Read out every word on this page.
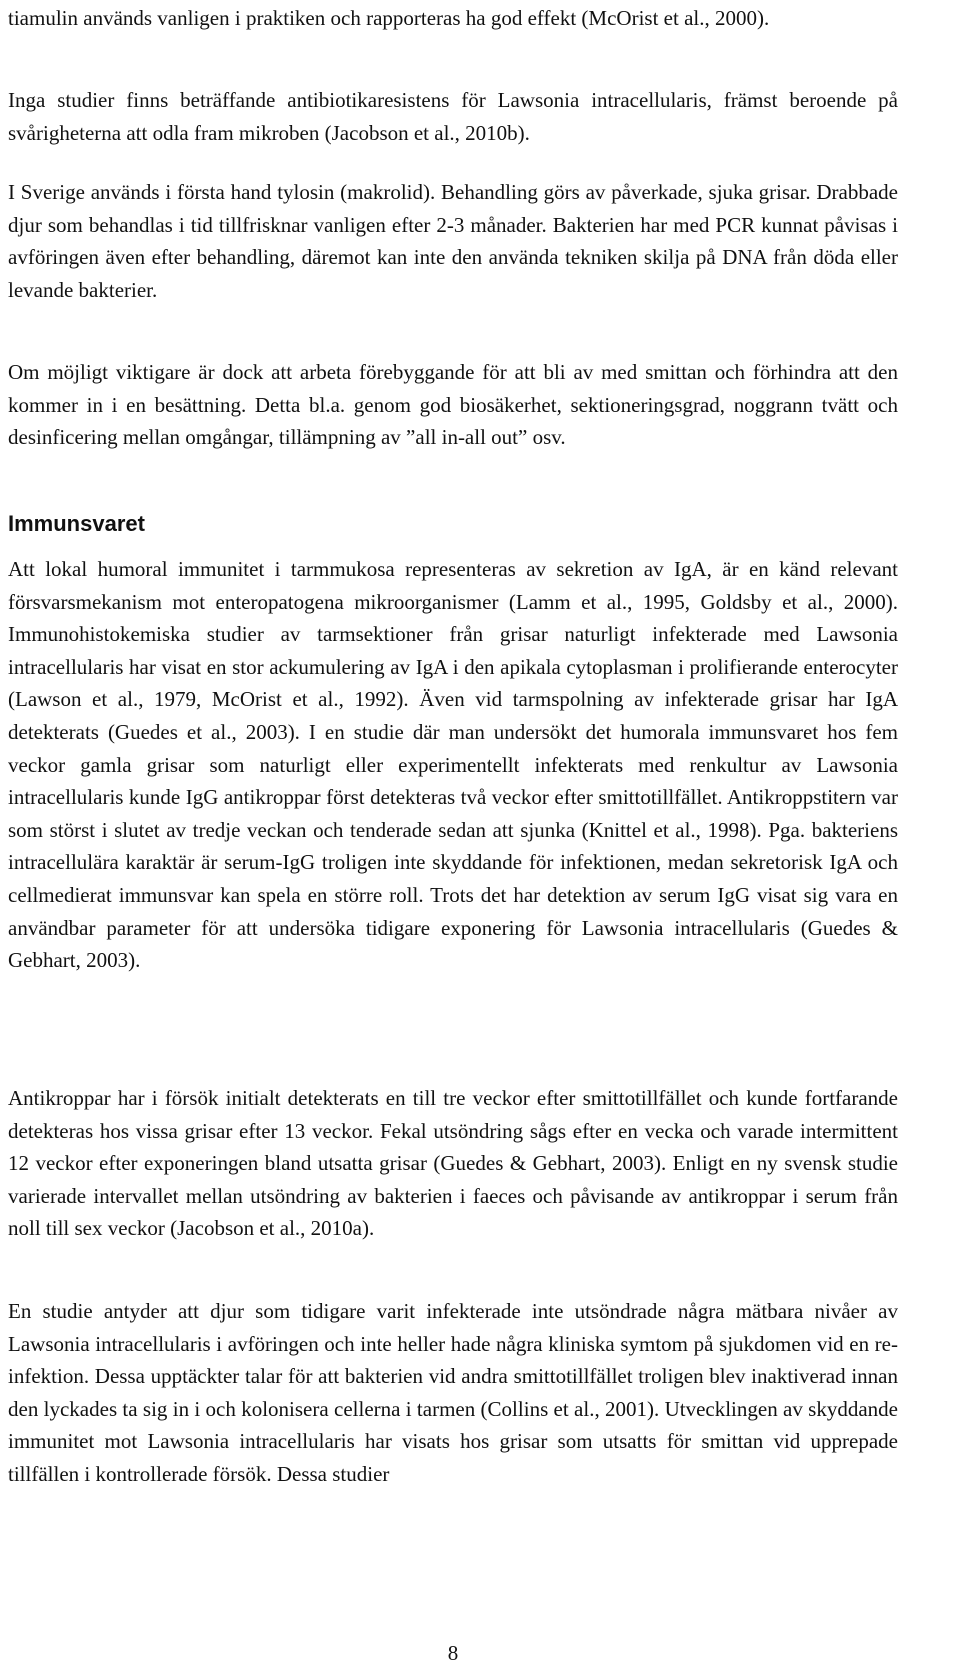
tiamulin används vanligen i praktiken och rapporteras ha god effekt (McOrist et al., 2000).

Inga studier finns beträffande antibiotikaresistens för Lawsonia intracellularis, främst beroende på svårigheterna att odla fram mikroben (Jacobson et al., 2010b).

I Sverige används i första hand tylosin (makrolid). Behandling görs av påverkade, sjuka grisar. Drabbade djur som behandlas i tid tillfrisknar vanligen efter 2-3 månader. Bakterien har med PCR kunnat påvisas i avföringen även efter behandling, däremot kan inte den använda tekniken skilja på DNA från döda eller levande bakterier.

Om möjligt viktigare är dock att arbeta förebyggande för att bli av med smittan och förhindra att den kommer in i en besättning. Detta bl.a. genom god biosäkerhet, sektioneringsgrad, noggrann tvätt och desinficering mellan omgångar, tillämpning av ”all in-all out” osv.

Immunsvaret

Att lokal humoral immunitet i tarmmukosa representeras av sekretion av IgA, är en känd relevant försvarsmekanism mot enteropatogena mikroorganismer (Lamm et al., 1995, Goldsby et al., 2000). Immunohistokemiska studier av tarmsektioner från grisar naturligt infekterade med Lawsonia intracellularis har visat en stor ackumulering av IgA i den apikala cytoplasman i prolifierande enterocyter (Lawson et al., 1979, McOrist et al., 1992). Även vid tarmspolning av infekterade grisar har IgA detekterats (Guedes et al., 2003). I en studie där man undersökt det humorala immunsvaret hos fem veckor gamla grisar som naturligt eller experimentellt infekterats med renkultur av Lawsonia intracellularis kunde IgG antikroppar först detekteras två veckor efter smittotillfället. Antikroppstitern var som störst i slutet av tredje veckan och tenderade sedan att sjunka (Knittel et al., 1998). Pga. bakteriens intracellulära karaktär är serum-IgG troligen inte skyddande för infektionen, medan sekretorisk IgA och cellmedierat immunsvar kan spela en större roll. Trots det har detektion av serum IgG visat sig vara en användbar parameter för att undersöka tidigare exponering för Lawsonia intracellularis (Guedes & Gebhart, 2003).

Antikroppar har i försök initialt detekterats en till tre veckor efter smittotillfället och kunde fortfarande detekteras hos vissa grisar efter 13 veckor. Fekal utsöndring sågs efter en vecka och varade intermittent 12 veckor efter exponeringen bland utsatta grisar (Guedes & Gebhart, 2003). Enligt en ny svensk studie varierade intervallet mellan utsöndring av bakterien i faeces och påvisande av antikroppar i serum från noll till sex veckor (Jacobson et al., 2010a).

En studie antyder att djur som tidigare varit infekterade inte utsöndrade några mätbara nivåer av Lawsonia intracellularis i avföringen och inte heller hade några kliniska symtom på sjukdomen vid en re-infektion. Dessa upptäckter talar för att bakterien vid andra smittotillfället troligen blev inaktiverad innan den lyckades ta sig in i och kolonisera cellerna i tarmen (Collins et al., 2001). Utvecklingen av skyddande immunitet mot Lawsonia intracellularis har visats hos grisar som utsatts för smittan vid upprepade tillfällen i kontrollerade försök. Dessa studier

8
